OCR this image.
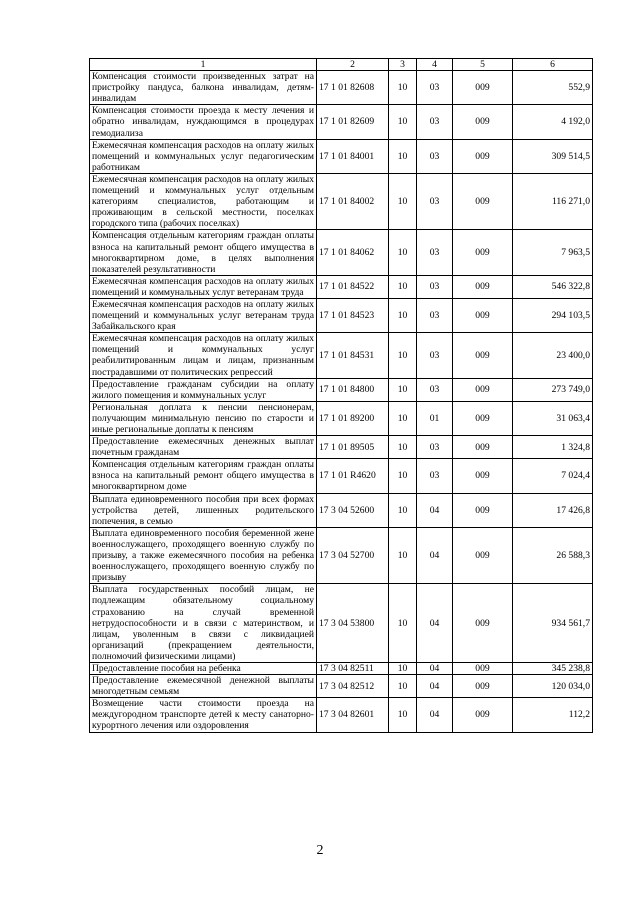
1	2	3	4	5	6
Компенсация стоимости произведенных затрат на пристройку пандуса, балкона инвалидам, детям-инвалидам	17 1 01 82608	10	03	009	552,9
Компенсация стоимости проезда к месту лечения и обратно инвалидам, нуждающимся в процедурах гемодиализа	17 1 01 82609	10	03	009	4 192,0
Ежемесячная компенсация расходов на оплату жилых помещений и коммунальных услуг педагогическим работникам	17 1 01 84001	10	03	009	309 514,5
Ежемесячная компенсация расходов на оплату жилых помещений и коммунальных услуг отдельным категориям специалистов, работающим и проживающим в сельской местности, поселках городского типа (рабочих поселках)	17 1 01 84002	10	03	009	116 271,0
Компенсация отдельным категориям граждан оплаты взноса на капитальный ремонт общего имущества в многоквартирном доме, в целях выполнения показателей результативности	17 1 01 84062	10	03	009	7 963,5
Ежемесячная компенсация расходов на оплату жилых помещений и коммунальных услуг ветеранам труда	17 1 01 84522	10	03	009	546 322,8
Ежемесячная компенсация расходов на оплату жилых помещений и коммунальных услуг ветеранам труда Забайкальского края	17 1 01 84523	10	03	009	294 103,5
Ежемесячная компенсация расходов на оплату жилых помещений и коммунальных услуг реабилитированным лицам и лицам, признанным пострадавшими от политических репрессий	17 1 01 84531	10	03	009	23 400,0
Предоставление гражданам субсидии на оплату жилого помещения и коммунальных услуг	17 1 01 84800	10	03	009	273 749,0
Региональная доплата к пенсии пенсионерам, получающим минимальную пенсию по старости и иные региональные доплаты к пенсиям	17 1 01 89200	10	01	009	31 063,4
Предоставление ежемесячных денежных выплат почетным гражданам	17 1 01 89505	10	03	009	1 324,8
Компенсация отдельным категориям граждан оплаты взноса на капитальный ремонт общего имущества в многоквартирном доме	17 1 01 R4620	10	03	009	7 024,4
Выплата единовременного пособия при всех формах устройства детей, лишенных родительского попечения, в семью	17 3 04 52600	10	04	009	17 426,8
Выплата единовременного пособия беременной жене военнослужащего, проходящего военную службу по призыву, а также ежемесячного пособия на ребенка военнослужащего, проходящего военную службу по призыву	17 3 04 52700	10	04	009	26 588,3
Выплата государственных пособий лицам, не подлежащим обязательному социальному страхованию на случай временной нетрудоспособности и в связи с материнством, и лицам, уволенным в связи с ликвидацией организаций (прекращением деятельности, полномочий физическими лицами)	17 3 04 53800	10	04	009	934 561,7
Предоставление пособия на ребенка	17 3 04 82511	10	04	009	345 238,8
Предоставление ежемесячной денежной выплаты многодетным семьям	17 3 04 82512	10	04	009	120 034,0
Возмещение части стоимости проезда на междугородном транспорте детей к месту санаторно-курортного лечения или оздоровления	17 3 04 82601	10	04	009	112,2
2
